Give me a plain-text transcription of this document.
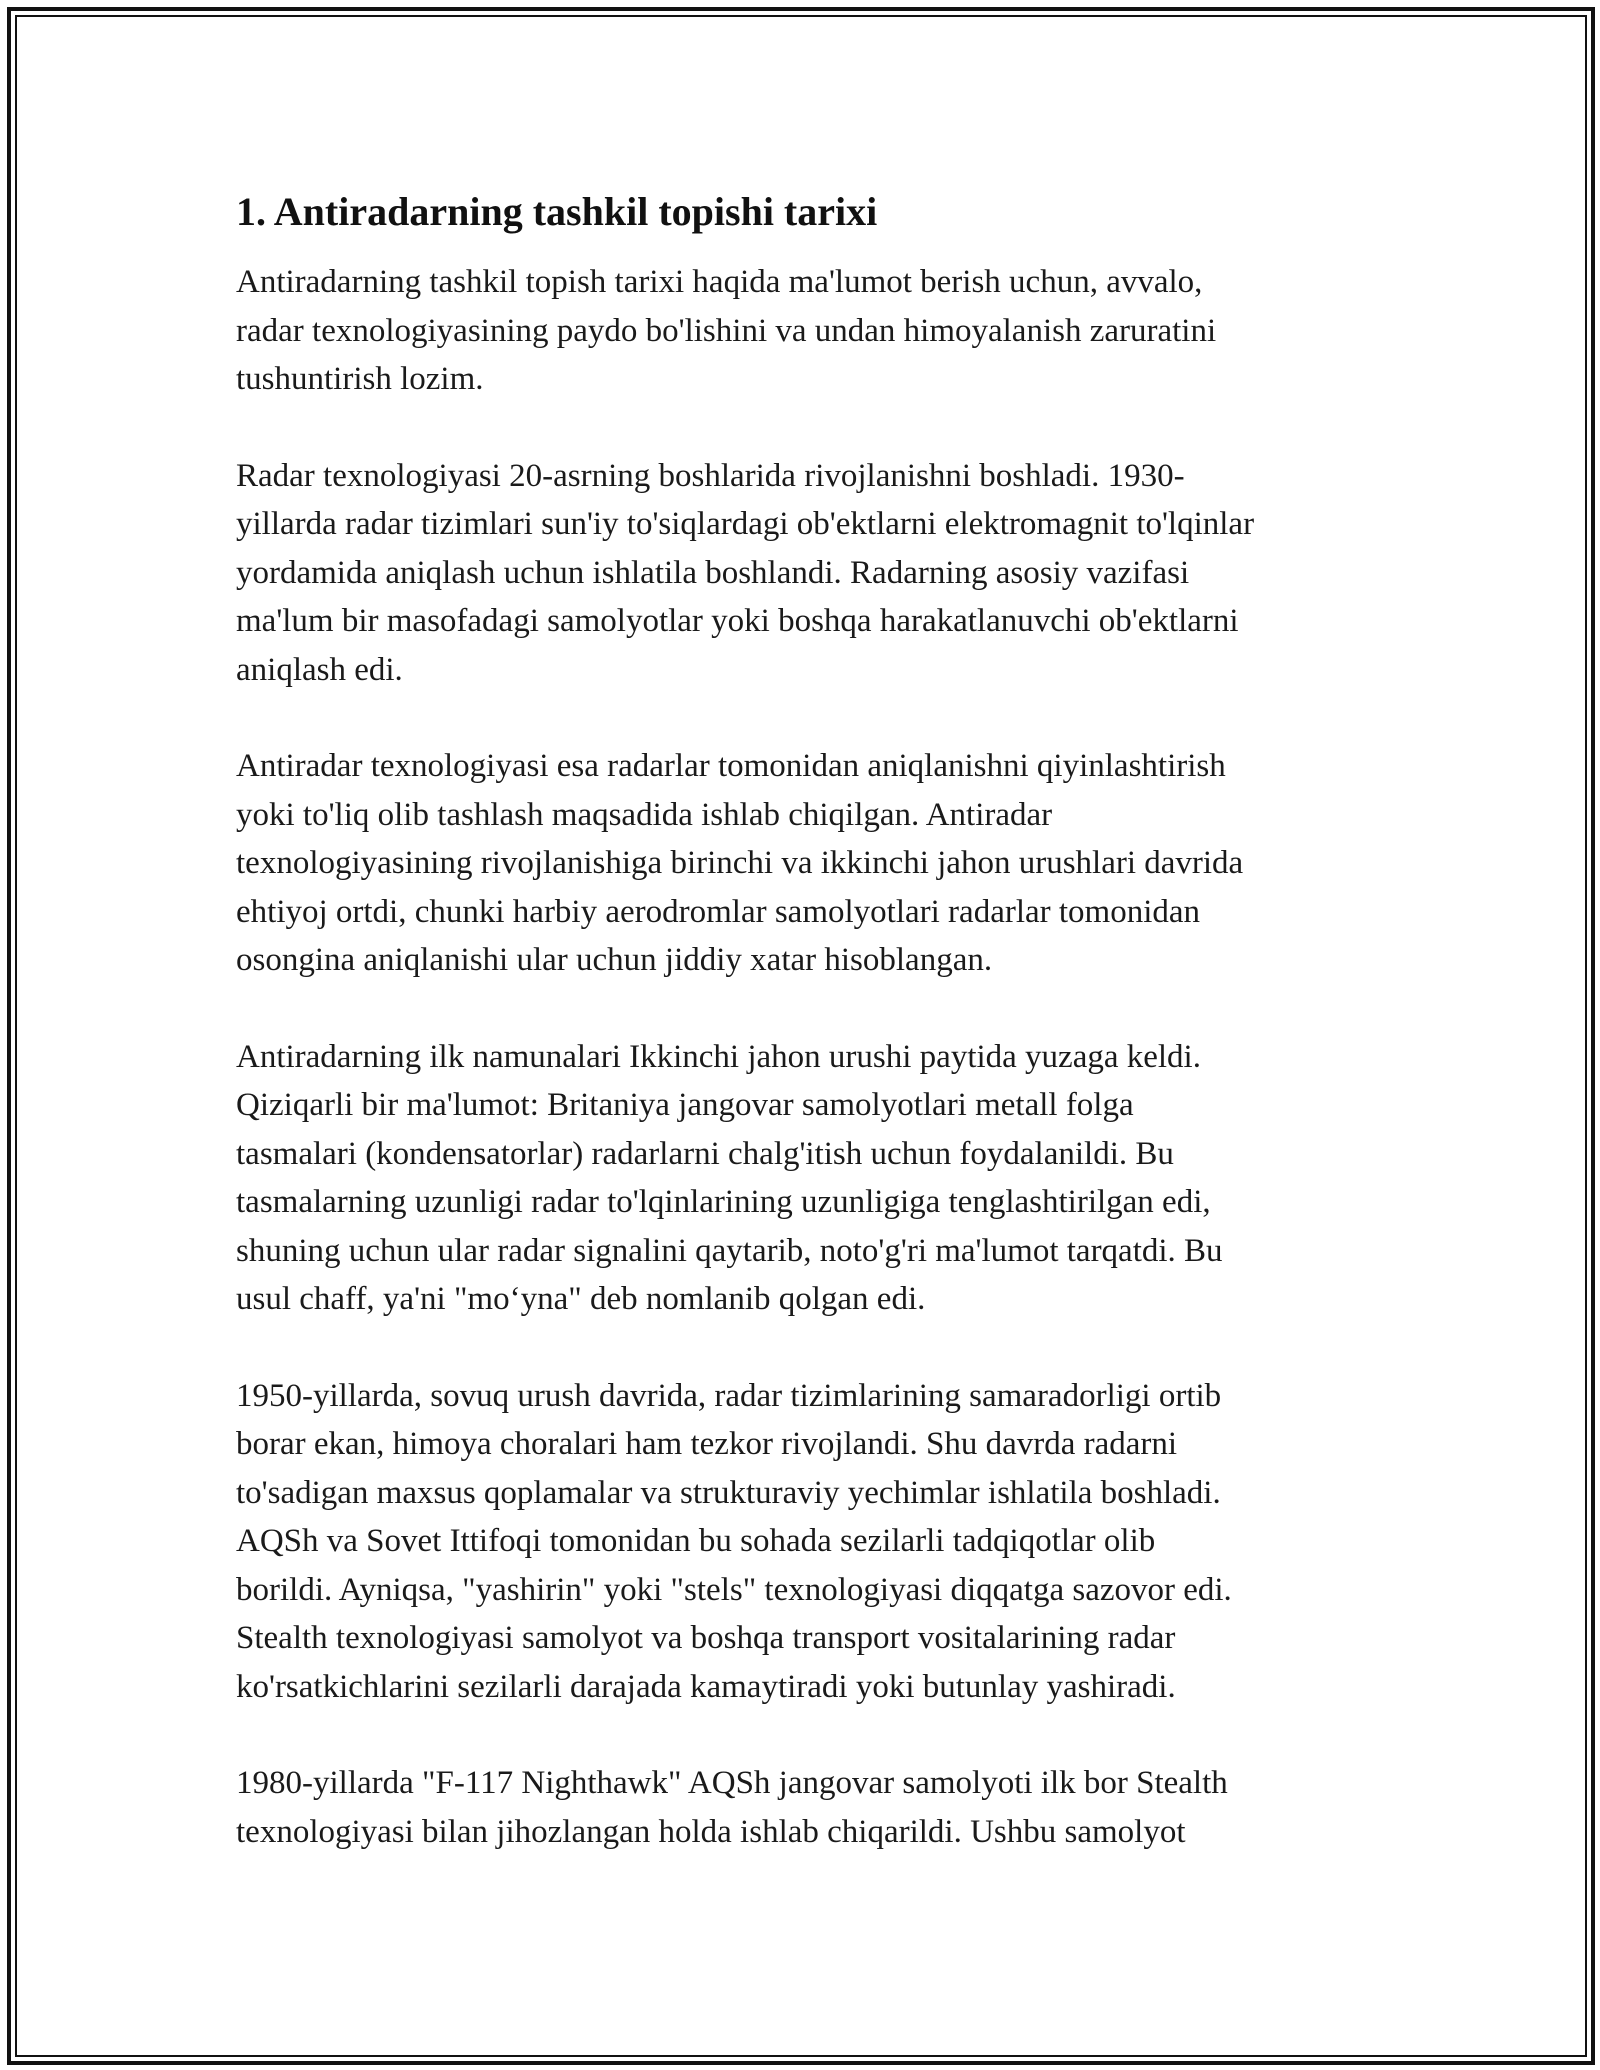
1. Antiradarning tashkil topishi tarixi

Antiradarning tashkil topish tarixi haqida ma'lumot berish uchun, avvalo,
radar texnologiyasining paydo bo'lishini va undan himoyalanish zaruratini
tushuntirish lozim.

Radar texnologiyasi 20-asrning boshlarida rivojlanishni boshladi. 1930-
yillarda radar tizimlari sun'iy to'siqlardagi ob'ektlarni elektromagnit to'lqinlar
yordamida aniqlash uchun ishlatila boshlandi. Radarning asosiy vazifasi
ma'lum bir masofadagi samolyotlar yoki boshqa harakatlanuvchi ob'ektlarni
aniqlash edi.

Antiradar texnologiyasi esa radarlar tomonidan aniqlanishni qiyinlashtirish
yoki to'liq olib tashlash maqsadida ishlab chiqilgan. Antiradar
texnologiyasining rivojlanishiga birinchi va ikkinchi jahon urushlari davrida
ehtiyoj ortdi, chunki harbiy aerodromlar samolyotlari radarlar tomonidan
osongina aniqlanishi ular uchun jiddiy xatar hisoblangan.

Antiradarning ilk namunalari Ikkinchi jahon urushi paytida yuzaga keldi.
Qiziqarli bir ma'lumot: Britaniya jangovar samolyotlari metall folga
tasmalari (kondensatorlar) radarlarni chalg'itish uchun foydalanildi. Bu
tasmalarning uzunligi radar to'lqinlarining uzunligiga tenglashtirilgan edi,
shuning uchun ular radar signalini qaytarib, noto'g'ri ma'lumot tarqatdi. Bu
usul chaff, ya'ni "mo‘yna" deb nomlanib qolgan edi.

1950-yillarda, sovuq urush davrida, radar tizimlarining samaradorligi ortib
borar ekan, himoya choralari ham tezkor rivojlandi. Shu davrda radarni
to'sadigan maxsus qoplamalar va strukturaviy yechimlar ishlatila boshladi.
AQSh va Sovet Ittifoqi tomonidan bu sohada sezilarli tadqiqotlar olib
borildi. Ayniqsa, "yashirin" yoki "stels" texnologiyasi diqqatga sazovor edi.
Stealth texnologiyasi samolyot va boshqa transport vositalarining radar
ko'rsatkichlarini sezilarli darajada kamaytiradi yoki butunlay yashiradi.

1980-yillarda "F-117 Nighthawk" AQSh jangovar samolyoti ilk bor Stealth
texnologiyasi bilan jihozlangan holda ishlab chiqarildi. Ushbu samolyot
